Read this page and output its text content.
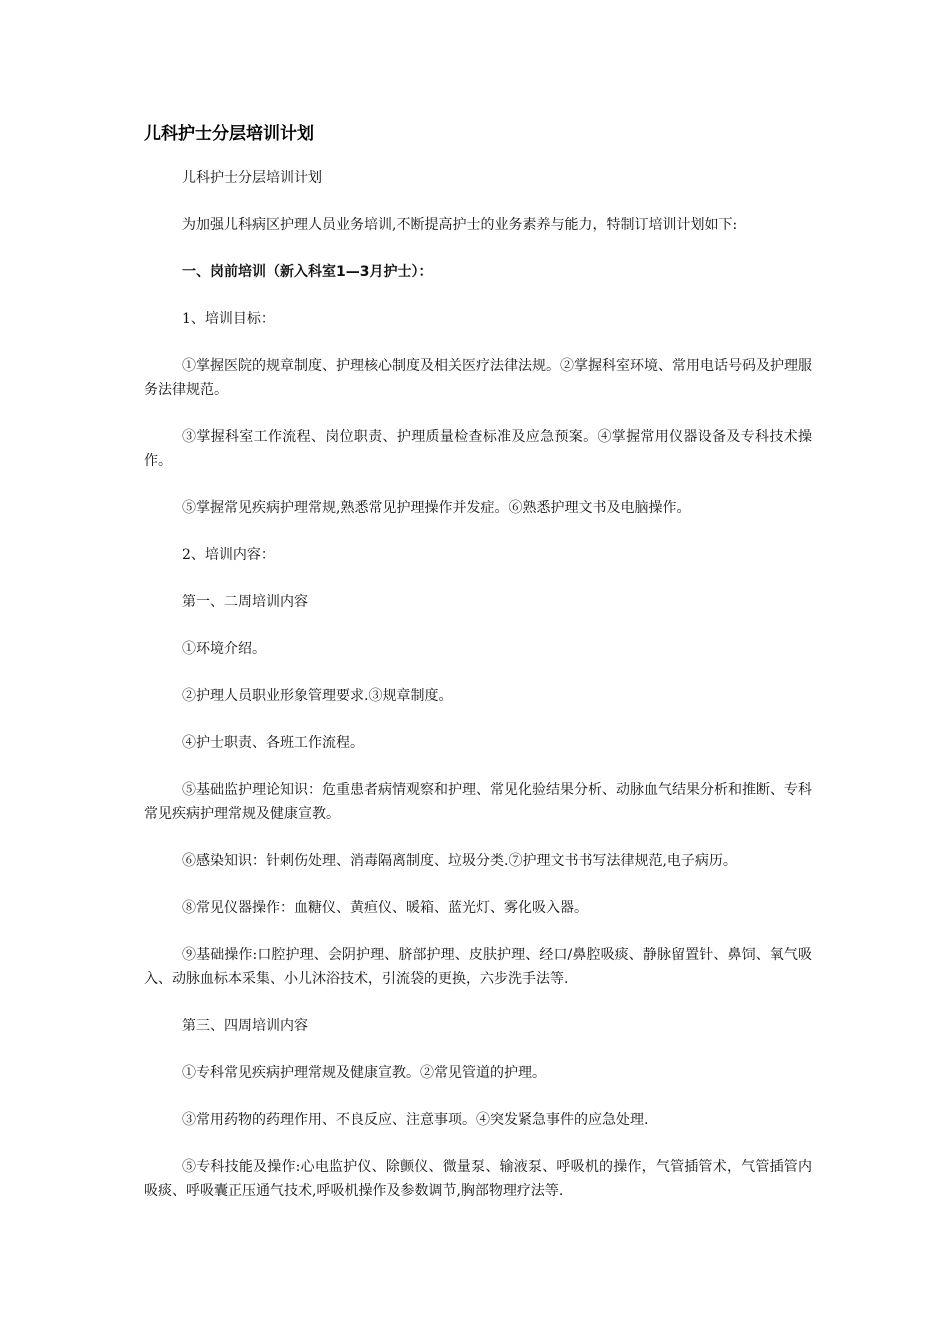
儿科护士分层培训计划

儿科护士分层培训计划

为加强儿科病区护理人员业务培训,不断提高护士的业务素养与能力，特制订培训计划如下:

一、岗前培训（新入科室1—3月护士）：

1、培训目标：

①掌握医院的规章制度、护理核心制度及相关医疗法律法规。②掌握科室环境、常用电话号码及护理服务法律规范。

③掌握科室工作流程、岗位职责、护理质量检查标准及应急预案。④掌握常用仪器设备及专科技术操作。

⑤掌握常见疾病护理常规,熟悉常见护理操作并发症。⑥熟悉护理文书及电脑操作。

2、培训内容：

第一、二周培训内容

①环境介绍。

②护理人员职业形象管理要求.③规章制度。

④护士职责、各班工作流程。

⑤基础监护理论知识：危重患者病情观察和护理、常见化验结果分析、动脉血气结果分析和推断、专科常见疾病护理常规及健康宣教。

⑥感染知识：针刺伤处理、消毒隔离制度、垃圾分类.⑦护理文书书写法律规范,电子病历。

⑧常见仪器操作：血糖仪、黄疸仪、暖箱、蓝光灯、雾化吸入器。

⑨基础操作:口腔护理、会阴护理、脐部护理、皮肤护理、经口/鼻腔吸痰、静脉留置针、鼻饲、氧气吸入、动脉血标本采集、小儿沐浴技术，引流袋的更换，六步洗手法等.

第三、四周培训内容

①专科常见疾病护理常规及健康宣教。②常见管道的护理。

③常用药物的药理作用、不良反应、注意事项。④突发紧急事件的应急处理.

⑤专科技能及操作:心电监护仪、除颤仪、微量泵、输液泵、呼吸机的操作，气管插管术，气管插管内吸痰、呼吸囊正压通气技术,呼吸机操作及参数调节,胸部物理疗法等.
